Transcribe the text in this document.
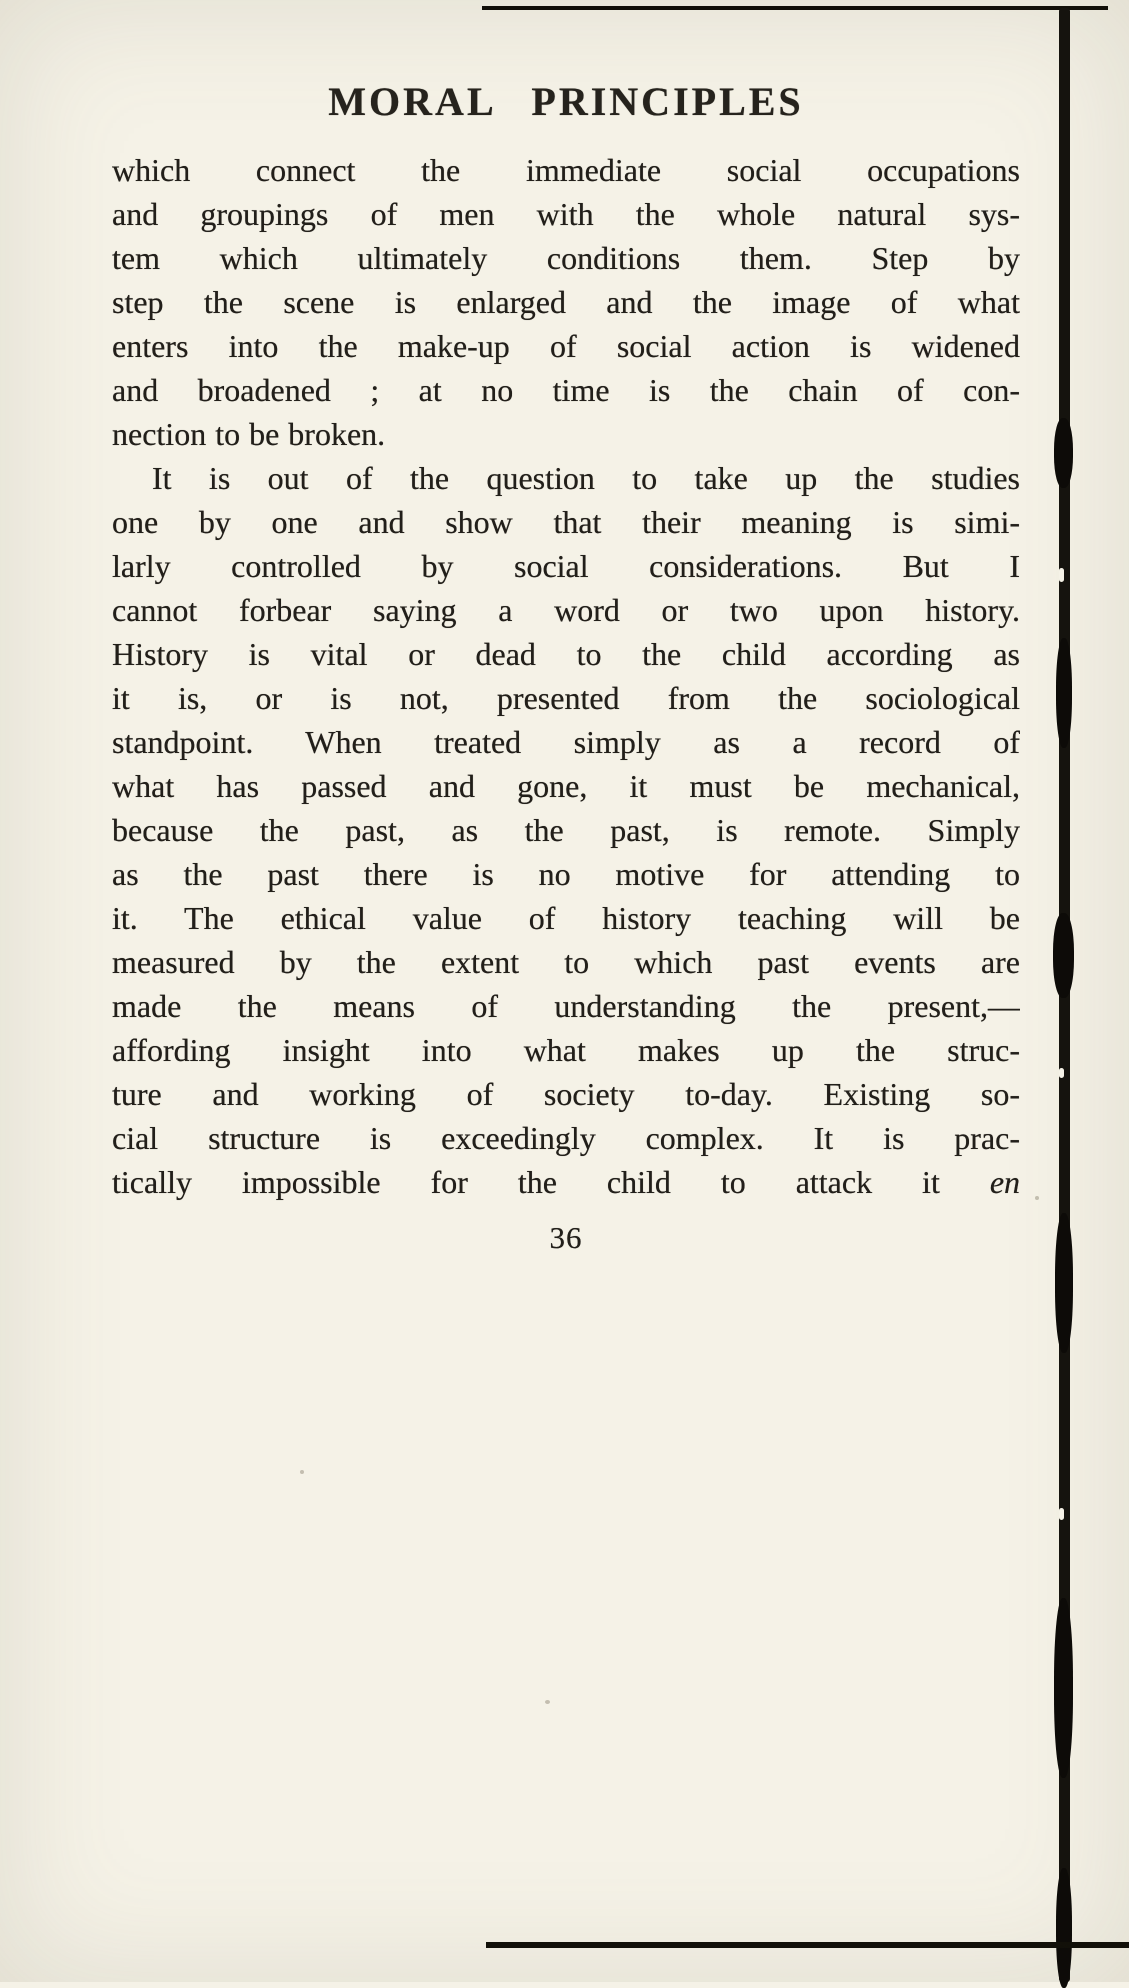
MORAL PRINCIPLES
which connect the immediate social occupations
and groupings of men with the whole natural sys-
tem which ultimately conditions them. Step by
step the scene is enlarged and the image of what
enters into the make-up of social action is widened
and broadened ; at no time is the chain of con-
nection to be broken.
It is out of the question to take up the studies
one by one and show that their meaning is simi-
larly controlled by social considerations. But I
cannot forbear saying a word or two upon history.
History is vital or dead to the child according as
it is, or is not, presented from the sociological
standpoint. When treated simply as a record of
what has passed and gone, it must be mechanical,
because the past, as the past, is remote. Simply
as the past there is no motive for attending to
it. The ethical value of history teaching will be
measured by the extent to which past events are
made the means of understanding the present,—
affording insight into what makes up the struc-
ture and working of society to-day. Existing so-
cial structure is exceedingly complex. It is prac-
tically impossible for the child to attack it en
36
